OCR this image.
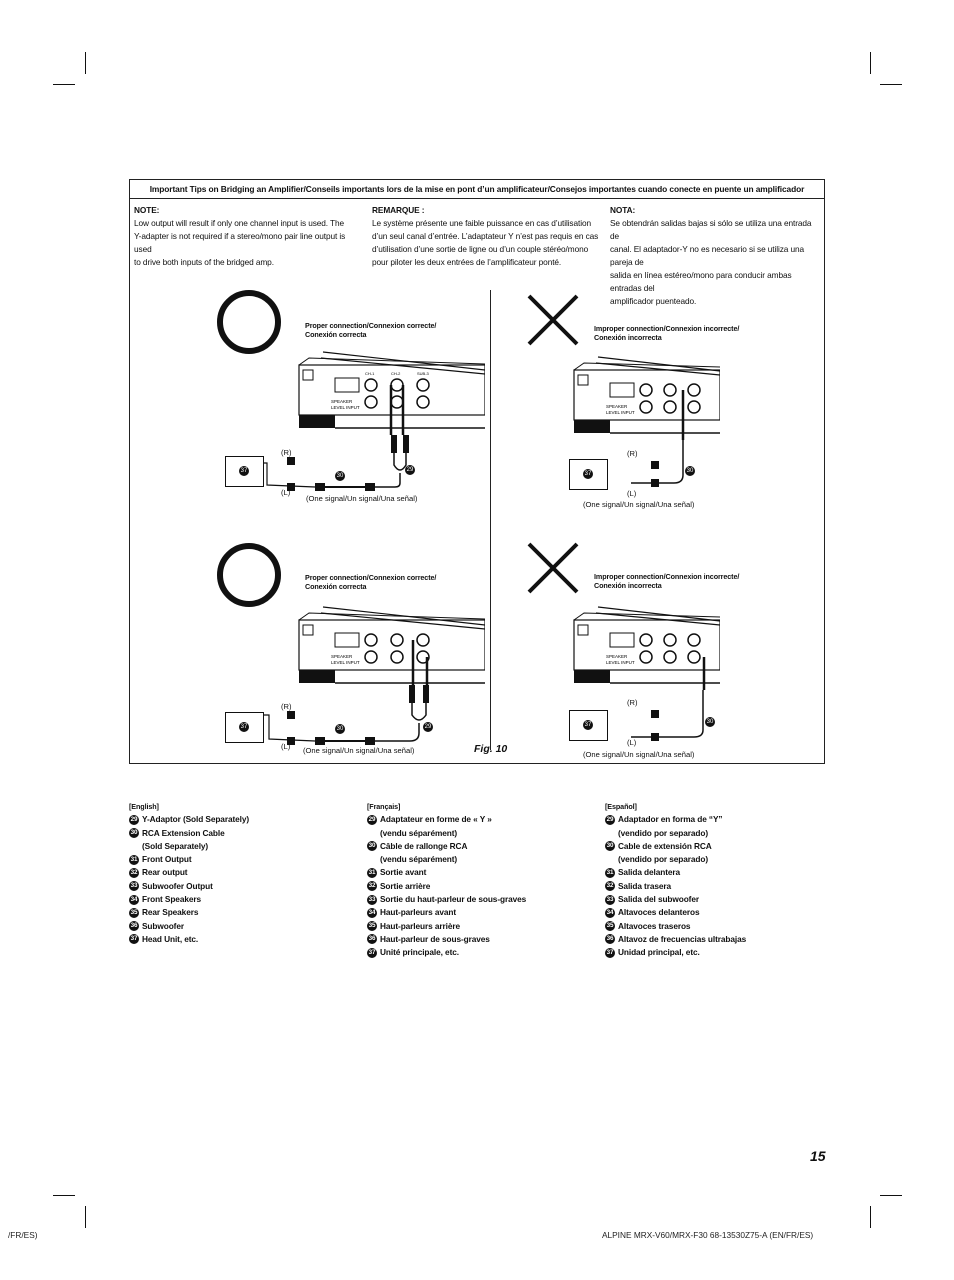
Important Tips on Bridging an Amplifier/Conseils importants lors de la mise en pont d’un amplificateur/Consejos importantes cuando conecte en puente un amplificador
NOTE:
Low output will result if only one channel input is used. The
Y-adapter is not required if a stereo/mono pair line output is used
to drive both inputs of the bridged amp.
REMARQUE :
Le système présente une faible puissance en cas d’utilisation
d’un seul canal d’entrée. L’adaptateur Y n’est pas requis en cas
d’utilisation d’une sortie de ligne ou d’un couple stéréo/mono
pour piloter les deux entrées de l’amplificateur ponté.
NOTA:
Se obtendrán salidas bajas si sólo se utiliza una entrada de
canal. El adaptador-Y no es necesario si se utiliza una pareja de
salida en línea estéreo/mono para conducir ambas entradas del
amplificador puenteado.
Proper connection/Connexion correcte/
Conexión correcta
SPEAKER
LEVEL INPUT
CH-1	CH-2	SUB-3
37
(R)
(L)
30
29
(One signal/Un signal/Una señal)
Improper connection/Connexion incorrecte/
Conexión incorrecta
SPEAKER
LEVEL INPUT
37
(R)
(L)
30
(One signal/Un signal/Una señal)
Proper connection/Connexion correcte/
Conexión correcta
SPEAKER
LEVEL INPUT
37
(R)
(L)
30	29
(One signal/Un signal/Una señal)	Fig. 10
Improper connection/Connexion incorrecte/
Conexión incorrecta
SPEAKER
LEVEL INPUT
37
(R)
(L)
30
(One signal/Un signal/Una señal)
[English]
29 Y-Adaptor (Sold Separately)
30 RCA Extension Cable
(Sold Separately)
31 Front Output
32 Rear output
33 Subwoofer Output
34 Front Speakers
35 Rear Speakers
36 Subwoofer
37 Head Unit, etc.
[Français]
29 Adaptateur en forme de « Y »
(vendu séparément)
30 Câble de rallonge RCA
(vendu séparément)
31 Sortie avant
32 Sortie arrière
33 Sortie du haut-parleur de sous-graves
34 Haut-parleurs avant
35 Haut-parleurs arrière
36 Haut-parleur de sous-graves
37 Unité principale, etc.
[Español]
29 Adaptador en forma de “Y”
(vendido por separado)
30 Cable de extensión RCA
(vendido por separado)
31 Salida delantera
32 Salida trasera
33 Salida del subwoofer
34 Altavoces delanteros
35 Altavoces traseros
36 Altavoz de frecuencias ultrabajas
37 Unidad principal, etc.
15
/FR/ES)	ALPINE MRX-V60/MRX-F30 68-13530Z75-A (EN/FR/ES)
